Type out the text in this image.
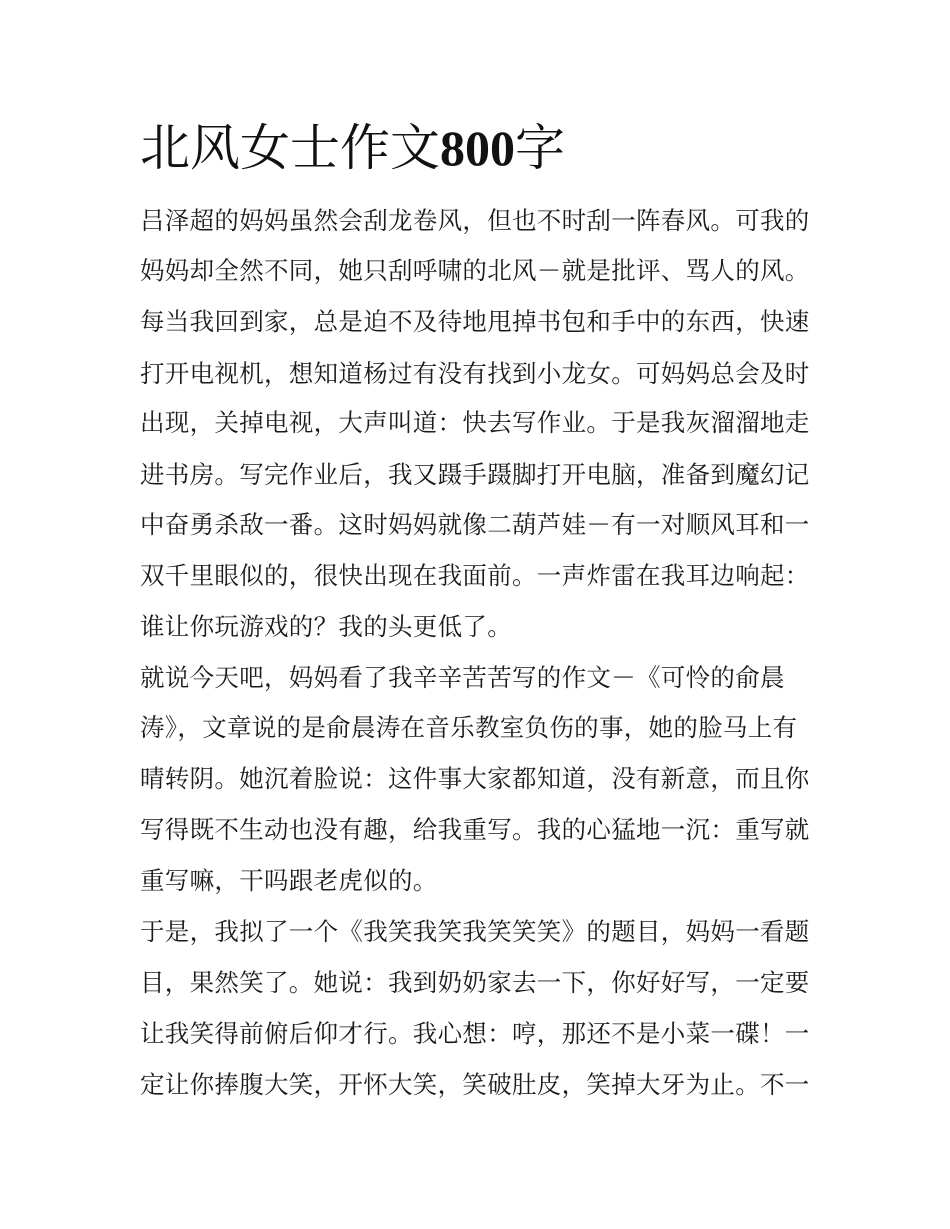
北风女士作文800字

吕泽超的妈妈虽然会刮龙卷风，但也不时刮一阵春风。可我的

妈妈却全然不同，她只刮呼啸的北风－就是批评、骂人的风。

每当我回到家，总是迫不及待地甩掉书包和手中的东西，快速

打开电视机，想知道杨过有没有找到小龙女。可妈妈总会及时

出现，关掉电视，大声叫道：快去写作业。于是我灰溜溜地走

进书房。写完作业后，我又蹑手蹑脚打开电脑，准备到魔幻记

中奋勇杀敌一番。这时妈妈就像二葫芦娃－有一对顺风耳和一

双千里眼似的，很快出现在我面前。一声炸雷在我耳边响起：

谁让你玩游戏的？我的头更低了。

就说今天吧，妈妈看了我辛辛苦苦写的作文－《可怜的俞晨

涛》，文章说的是俞晨涛在音乐教室负伤的事，她的脸马上有

晴转阴。她沉着脸说：这件事大家都知道，没有新意，而且你

写得既不生动也没有趣，给我重写。我的心猛地一沉：重写就

重写嘛，干吗跟老虎似的。

于是，我拟了一个《我笑我笑我笑笑笑》的题目，妈妈一看题

目，果然笑了。她说：我到奶奶家去一下，你好好写，一定要

让我笑得前俯后仰才行。我心想：哼，那还不是小菜一碟！一

定让你捧腹大笑，开怀大笑，笑破肚皮，笑掉大牙为止。不一
